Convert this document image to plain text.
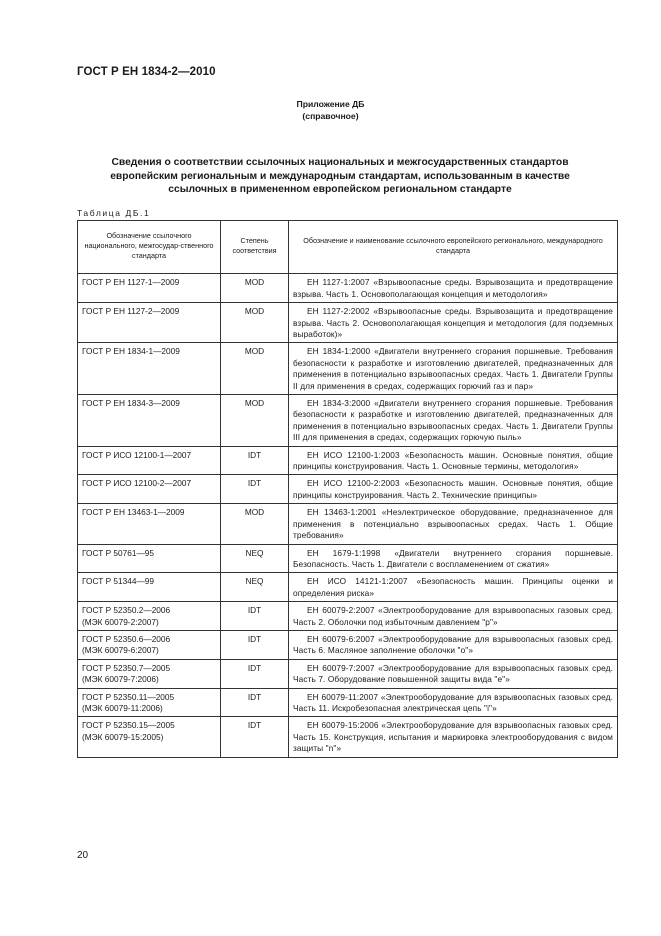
ГОСТ Р ЕН 1834-2—2010
Приложение ДБ
(справочное)
Сведения о соответствии ссылочных национальных и межгосударственных стандартов европейским региональным и международным стандартам, использованным в качестве ссылочных в примененном европейском региональном стандарте
Таблица ДБ.1
Обозначение ссылочного национального, межгосудар-ственного стандарта	Степень соответствия	Обозначение и наименование ссылочного европейского регионального, международного стандарта
ГОСТ Р ЕН 1127-1—2009	MOD	ЕН 1127-1:2007 «Взрывоопасные среды. Взрывозащита и предотвращение взрыва. Часть 1. Основополагающая концепция и методология»
ГОСТ Р ЕН 1127-2—2009	MOD	ЕН 1127-2:2002 «Взрывоопасные среды. Взрывозащита и предотвращение взрыва. Часть 2. Основополагающая концепция и методология (для подземных выработок)»
ГОСТ Р ЕН 1834-1—2009	MOD	ЕН 1834-1:2000 «Двигатели внутреннего сгорания поршневые. Требования безопасности к разработке и изготовлению двигателей, предназначенных для применения в потенциально взрывоопасных средах. Часть 1. Двигатели Группы II для применения в средах, содержащих горючий газ и пар»
ГОСТ Р ЕН 1834-3—2009	MOD	ЕН 1834-3:2000 «Двигатели внутреннего сгорания поршневые. Требования безопасности к разработке и изготовлению двигателей, предназначенных для применения в потенциально взрывоопасных средах. Часть 1. Двигатели Группы III для применения в средах, содержащих горючую пыль»
ГОСТ Р ИСО 12100-1—2007	IDT	ЕН ИСО 12100-1:2003 «Безопасность машин. Основные понятия, общие принципы конструирования. Часть 1. Основные термины, методология»
ГОСТ Р ИСО 12100-2—2007	IDT	ЕН ИСО 12100-2:2003 «Безопасность машин. Основные понятия, общие принципы конструирования. Часть 2. Технические принципы»
ГОСТ Р ЕН 13463-1—2009	MOD	ЕН 13463-1:2001 «Неэлектрическое оборудование, предназначенное для применения в потенциально взрывоопасных средах. Часть 1. Общие требования»
ГОСТ Р 50761—95	NEQ	ЕН 1679-1:1998 «Двигатели внутреннего сгорания поршневые. Безопасность. Часть 1. Двигатели с воспламенением от сжатия»
ГОСТ Р 51344—99	NEQ	ЕН ИСО 14121-1:2007 «Безопасность машин. Принципы оценки и определения риска»
ГОСТ Р 52350.2—2006
(МЭК 60079-2:2007)	IDT	ЕН 60079-2:2007 «Электрооборудование для взрывоопасных газовых сред. Часть 2. Оболочки под избыточным давлением "р"»
ГОСТ Р 52350.6—2006
(МЭК 60079-6:2007)	IDT	ЕН 60079-6:2007 «Электрооборудование для взрывоопасных газовых сред. Часть 6. Масляное заполнение оболочки "о"»
ГОСТ Р 52350.7—2005
(МЭК 60079-7:2006)	IDT	ЕН 60079-7:2007 «Электрооборудование для взрывоопасных газовых сред. Часть 7. Оборудование повышенной защиты вида "е"»
ГОСТ Р 52350.11—2005
(МЭК 60079-11:2006)	IDT	ЕН 60079-11:2007 «Электрооборудование для взрывоопасных газовых сред. Часть 11. Искробезопасная электрическая цепь "i"»
ГОСТ Р 52350.15—2005
(МЭК 60079-15:2005)	IDT	ЕН 60079-15:2006 «Электрооборудование для взрывоопасных газовых сред. Часть 15. Конструкция, испытания и маркировка электрооборудования с видом защиты "n"»
20
